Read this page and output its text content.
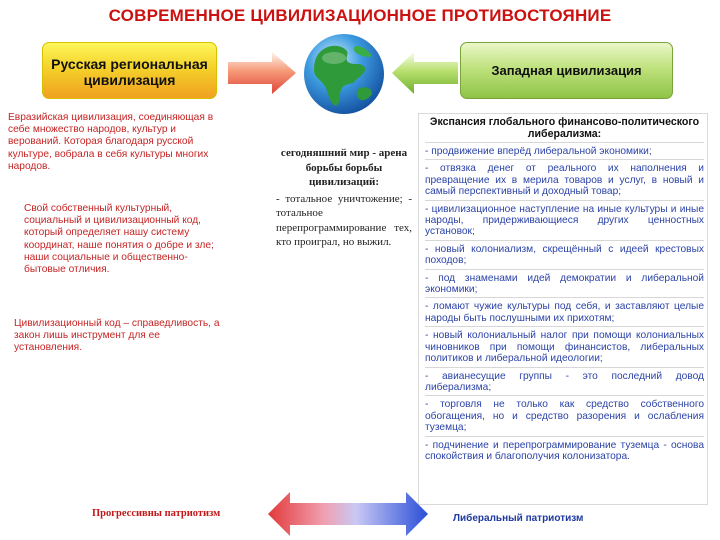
СОВРЕМЕННОЕ ЦИВИЛИЗАЦИОННОЕ ПРОТИВОСТОЯНИЕ
Русская региональная цивилизация
Западная цивилизация
Евразийская цивилизация, соединяющая в себе множество народов, культур и верований. Которая благодаря русской культуре, вобрала в себя культуры многих народов.
Свой собственный культурный, социальный и цивилизационный код, который определяет нашу систему координат, наше понятия о добре и зле; наши социальные и общественно-бытовые отличия.
Цивилизационный код – справедливость, а закон лишь инструмент для ее установления.
сегодняшний мир - арена борьбы борьбы цивилизаций:
- тотальное уничтожение; - тотальное перепрограммирование тех, кто проиграл, но выжил.
Экспансия глобального финансово-политического либерализма:
- продвижение вперёд либеральной экономики;
- отвязка денег от реального их наполнения и превращение их в мерила товаров и услуг, в новый и самый перспективный и доходный товар;
- цивилизационное наступление на иные культуры и иные народы, придерживающиеся других ценностных установок;
- новый колониализм, скрещённый с идеей крестовых походов;
- под знаменами идей демократии и либеральной экономики;
- ломают чужие культуры под себя, и заставляют целые народы быть послушными их прихотям;
- новый колониальный налог при помощи колониальных чиновников при помощи финансистов, либеральных политиков и либеральной идеологии;
- авианесущие группы - это последний довод либерализма;
- торговля не только как средство собственного обогащения, но и средство разорения и ослабления туземца;
- подчинение и перепрограммирование туземца - основа спокойствия и благополучия колонизатора.
Прогрессивны патриотизм	Либеральный патриотизм
